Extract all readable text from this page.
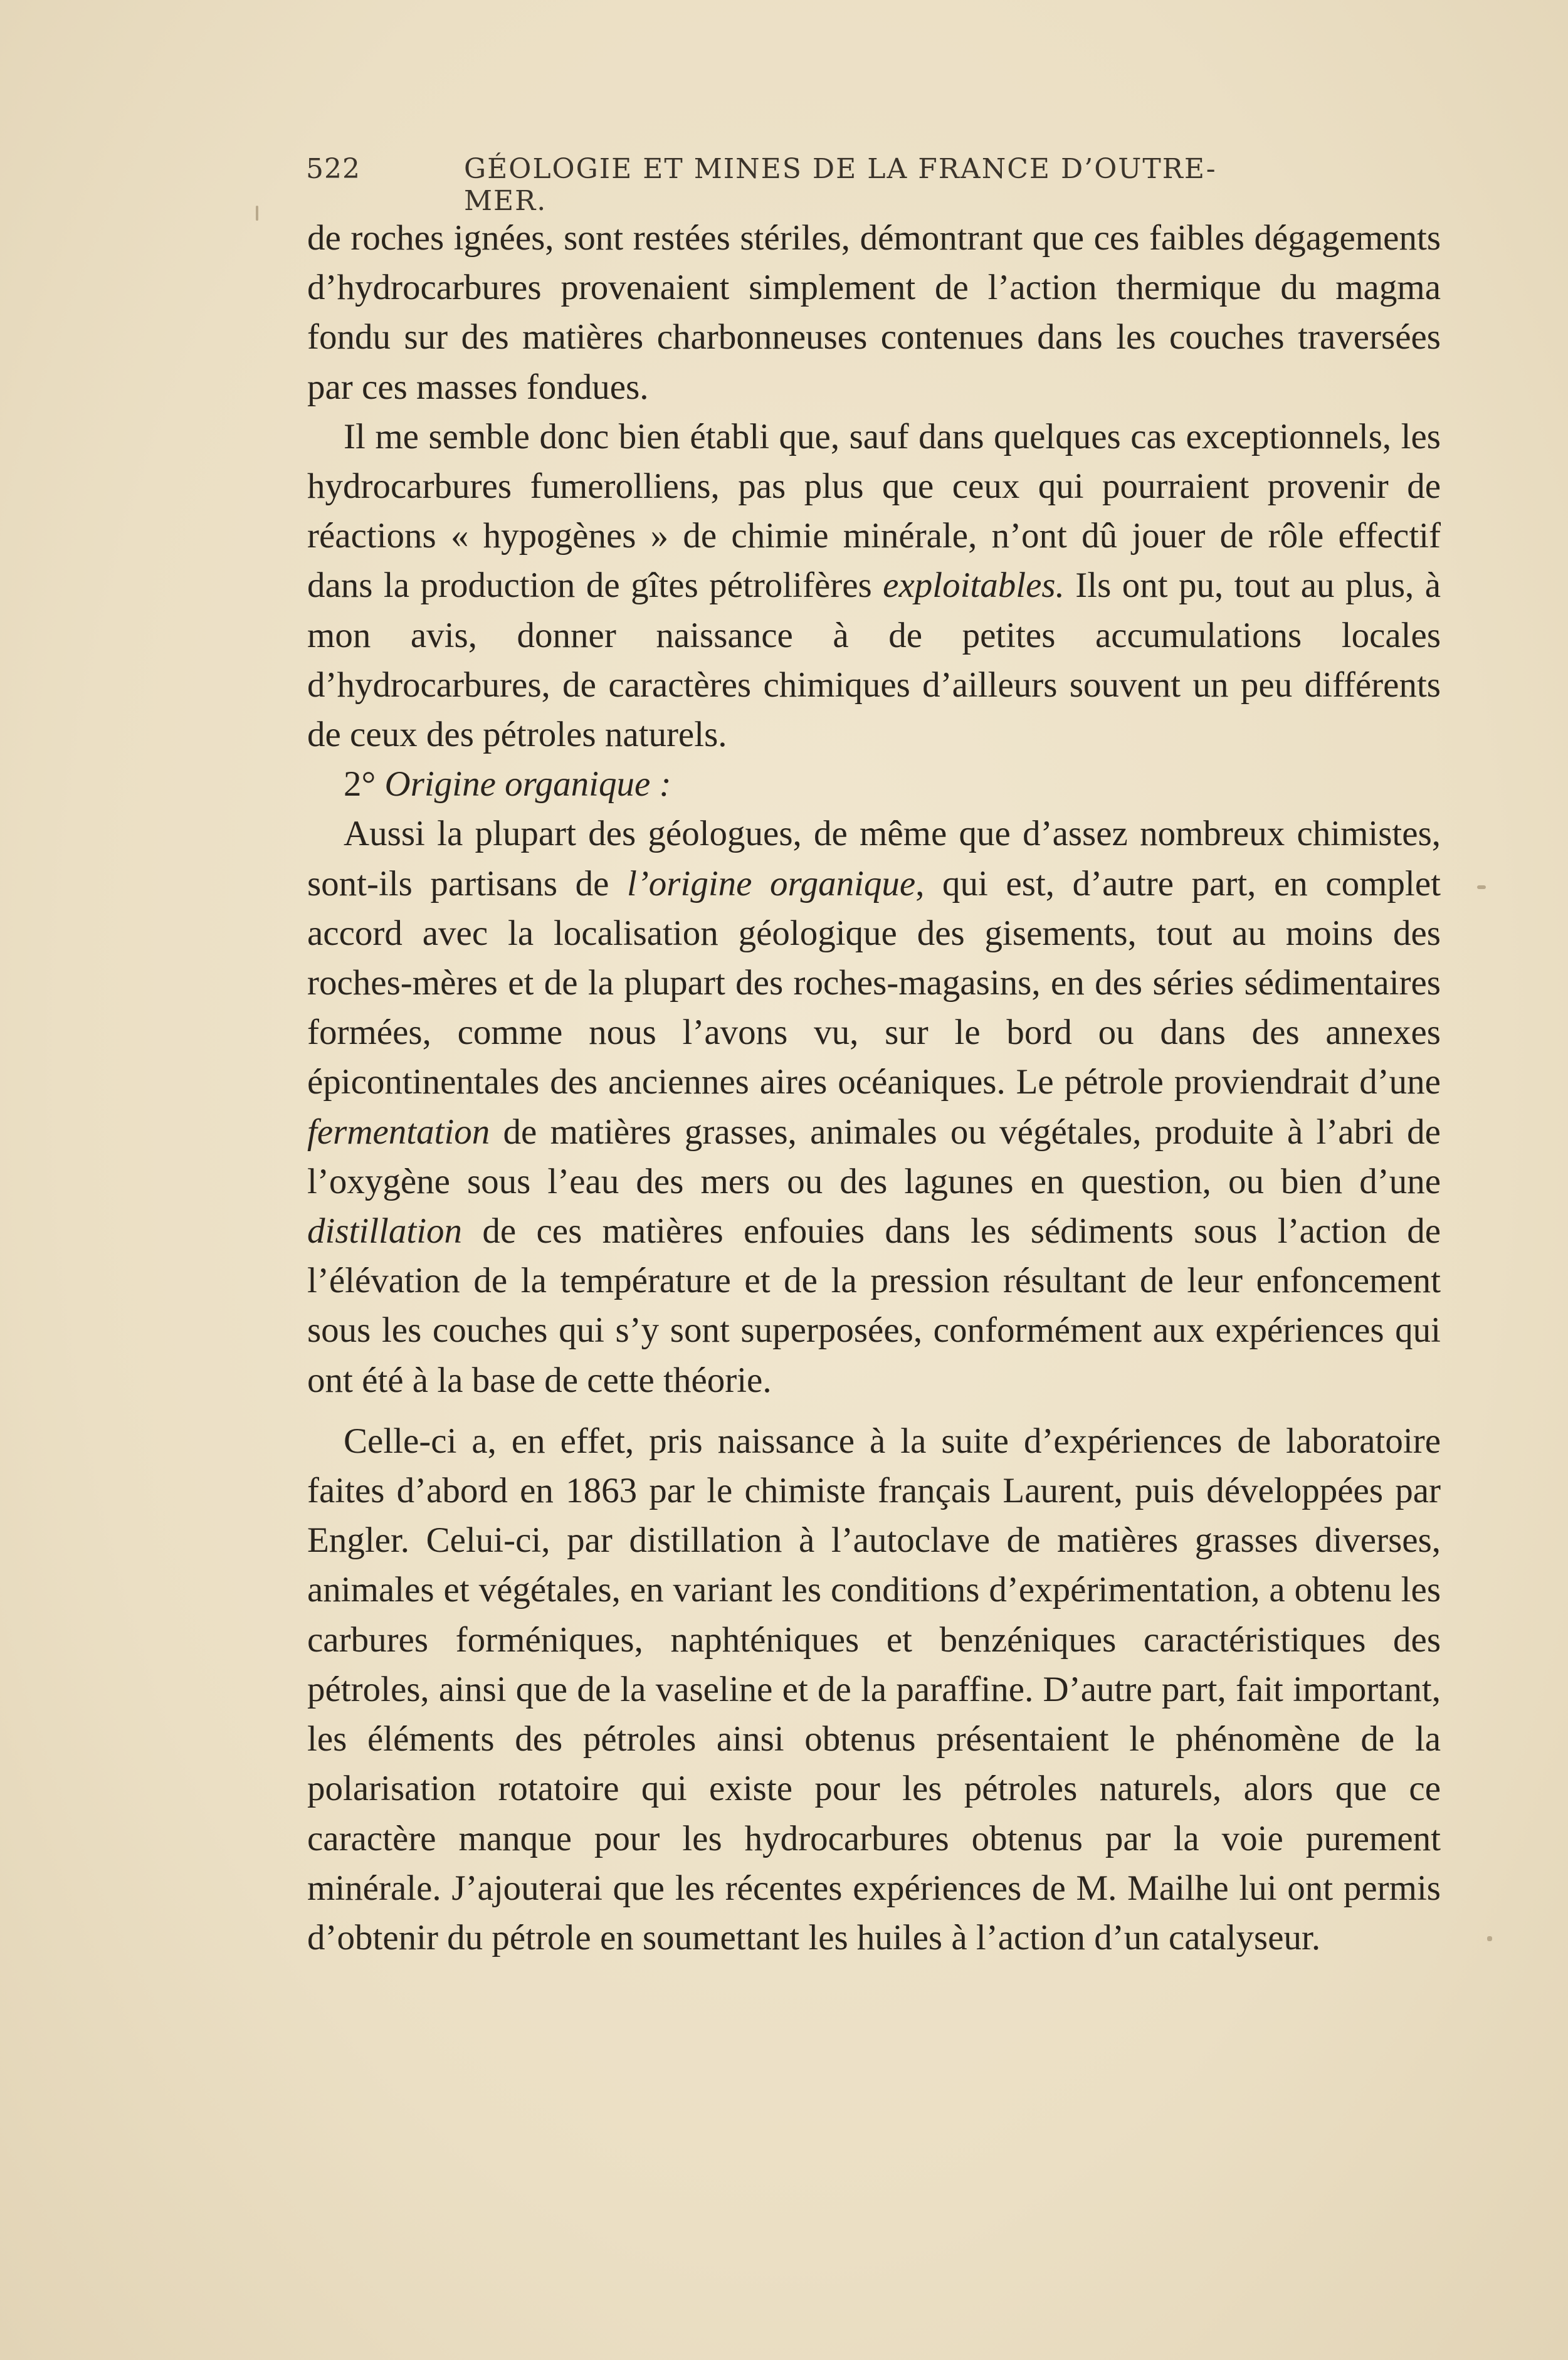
522	GÉOLOGIE ET MINES DE LA FRANCE D’OUTRE-MER.

de roches ignées, sont restées stériles, démontrant que ces faibles dégagements d’hydrocarbures provenaient simplement de l’action thermique du magma fondu sur des matières charbonneuses contenues dans les couches traversées par ces masses fondues.

Il me semble donc bien établi que, sauf dans quelques cas exceptionnels, les hydrocarbures fumerolliens, pas plus que ceux qui pourraient provenir de réactions « hypogènes » de chimie minérale, n’ont dû jouer de rôle effectif dans la production de gîtes pétrolifères exploitables. Ils ont pu, tout au plus, à mon avis, donner naissance à de petites accumulations locales d’hydrocarbures, de caractères chimiques d’ailleurs souvent un peu différents de ceux des pétroles naturels.

2° Origine organique :

Aussi la plupart des géologues, de même que d’assez nombreux chimistes, sont-ils partisans de l’origine organique, qui est, d’autre part, en complet accord avec la localisation géologique des gisements, tout au moins des roches-mères et de la plupart des roches-magasins, en des séries sédimentaires formées, comme nous l’avons vu, sur le bord ou dans des annexes épicontinentales des anciennes aires océaniques. Le pétrole proviendrait d’une fermentation de matières grasses, animales ou végétales, produite à l’abri de l’oxygène sous l’eau des mers ou des lagunes en question, ou bien d’une distillation de ces matières enfouies dans les sédiments sous l’action de l’élévation de la température et de la pression résultant de leur enfoncement sous les couches qui s’y sont superposées, conformément aux expériences qui ont été à la base de cette théorie.

Celle-ci a, en effet, pris naissance à la suite d’expériences de laboratoire faites d’abord en 1863 par le chimiste français Laurent, puis développées par Engler. Celui-ci, par distillation à l’autoclave de matières grasses diverses, animales et végétales, en variant les conditions d’expérimentation, a obtenu les carbures forméniques, naphténiques et benzéniques caractéristiques des pétroles, ainsi que de la vaseline et de la paraffine. D’autre part, fait important, les éléments des pétroles ainsi obtenus présentaient le phénomène de la polarisation rotatoire qui existe pour les pétroles naturels, alors que ce caractère manque pour les hydrocarbures obtenus par la voie purement minérale. J’ajouterai que les récentes expériences de M. Mailhe lui ont permis d’obtenir du pétrole en soumettant les huiles à l’action d’un catalyseur.
